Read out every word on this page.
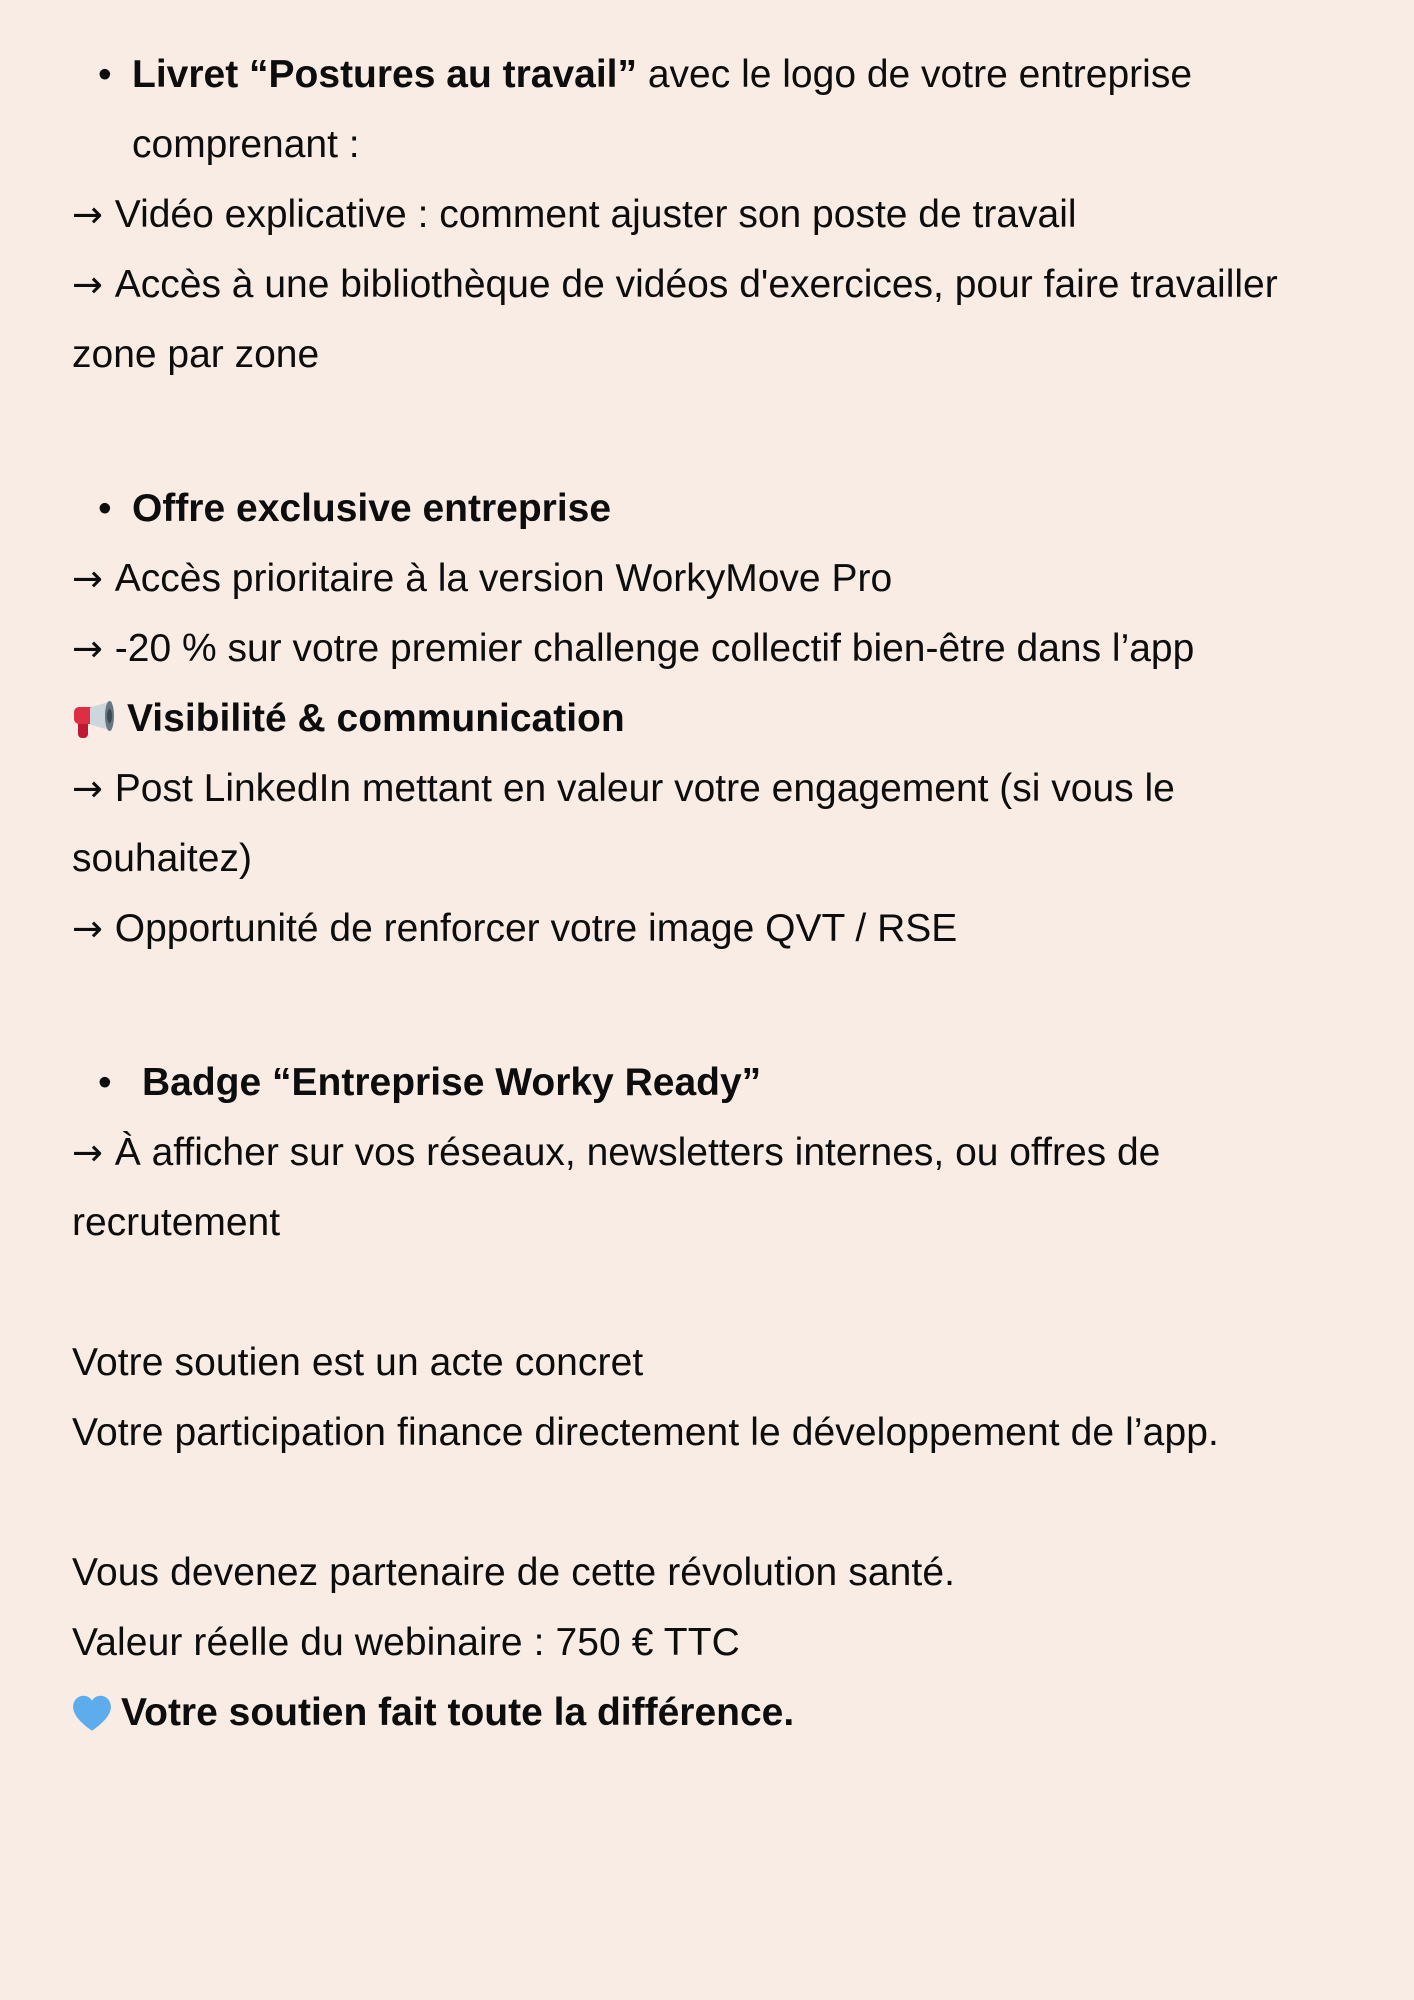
• Livret “Postures au travail” avec le logo de votre entreprise comprenant :
→ Vidéo explicative : comment ajuster son poste de travail
→ Accès à une bibliothèque de vidéos d'exercices, pour faire travailler zone par zone
• Offre exclusive entreprise
→ Accès prioritaire à la version WorkyMove Pro
→ -20 % sur votre premier challenge collectif bien-être dans l’app
Visibilité & communication
→ Post LinkedIn mettant en valeur votre engagement (si vous le souhaitez)
→ Opportunité de renforcer votre image QVT / RSE
• Badge “Entreprise Worky Ready”
→ À afficher sur vos réseaux, newsletters internes, ou offres de recrutement
Votre soutien est un acte concret
Votre participation finance directement le développement de l’app.
Vous devenez partenaire de cette révolution santé.
Valeur réelle du webinaire : 750 € TTC
Votre soutien fait toute la différence.
